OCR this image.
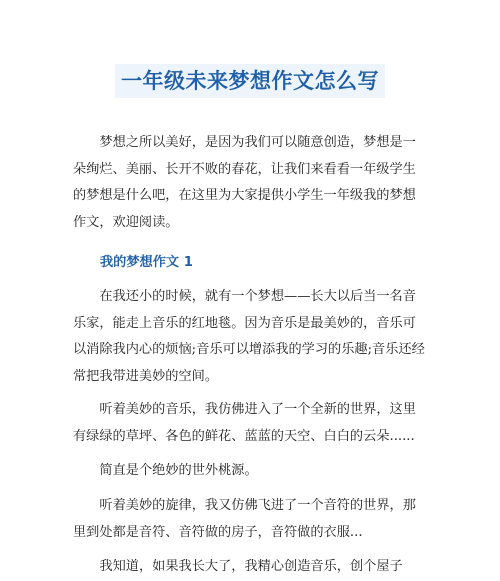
一年级未来梦想作文怎么写

梦想之所以美好，是因为我们可以随意创造，梦想是一朵绚烂、美丽、长开不败的春花，让我们来看看一年级学生的梦想是什么吧，在这里为大家提供小学生一年级我的梦想作文，欢迎阅读。

我的梦想作文 1

在我还小的时候，就有一个梦想——长大以后当一名音乐家，能走上音乐的红地毯。因为音乐是最美妙的，音乐可以消除我内心的烦恼;音乐可以增添我的学习的乐趣;音乐还经常把我带进美妙的空间。

听着美妙的音乐，我仿佛进入了一个全新的世界，这里有绿绿的草坪、各色的鲜花、蓝蓝的天空、白白的云朵......

简直是个绝妙的世外桃源。

听着美妙的旋律，我又仿佛飞进了一个音符的世界，那里到处都是音符、音符做的房子，音符做的衣服...

我知道，如果我长大了，我精心创造音乐，创个屋子
